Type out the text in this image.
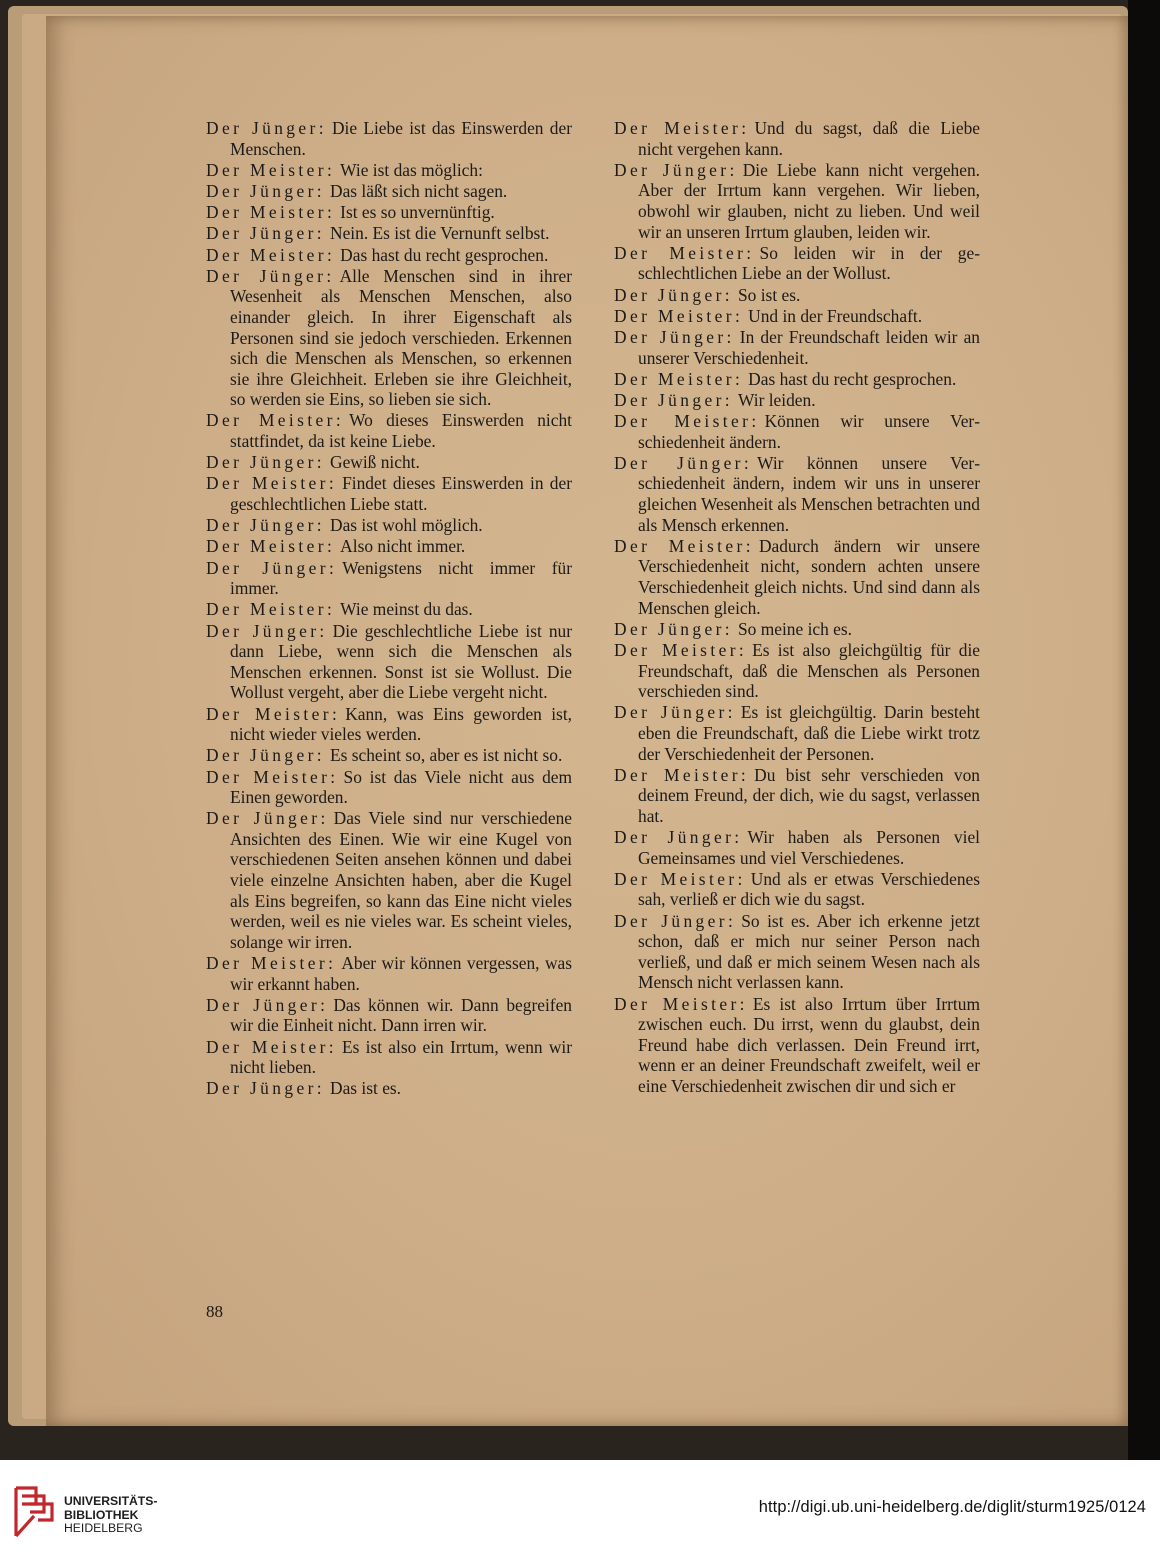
Der Jünger: Die Liebe ist das Einswerden der Menschen.
Der Meister: Wie ist das möglich:
Der Jünger: Das läßt sich nicht sagen.
Der Meister: Ist es so unvernünftig.
Der Jünger: Nein. Es ist die Vernunft selbst.
Der Meister: Das hast du recht gesprochen.
Der Jünger: Alle Menschen sind in ihrer Wesenheit als Menschen Menschen, also einander gleich. In ihrer Eigenschaft als Personen sind sie jedoch verschieden. Erkennen sich die Menschen als Menschen, so erkennen sie ihre Gleichheit. Erleben sie ihre Gleichheit, so werden sie Eins, so lieben sie sich.
Der Meister: Wo dieses Einswerden nicht stattfindet, da ist keine Liebe.
Der Jünger: Gewiß nicht.
Der Meister: Findet dieses Einswerden in der geschlechtlichen Liebe statt.
Der Jünger: Das ist wohl möglich.
Der Meister: Also nicht immer.
Der Jünger: Wenigstens nicht immer für immer.
Der Meister: Wie meinst du das.
Der Jünger: Die geschlechtliche Liebe ist nur dann Liebe, wenn sich die Menschen als Menschen erkennen. Sonst ist sie Wollust. Die Wollust vergeht, aber die Liebe vergeht nicht.
Der Meister: Kann, was Eins geworden ist, nicht wieder vieles werden.
Der Jünger: Es scheint so, aber es ist nicht so.
Der Meister: So ist das Viele nicht aus dem Einen geworden.
Der Jünger: Das Viele sind nur verschiedene Ansichten des Einen. Wie wir eine Kugel von verschiedenen Seiten ansehen können und dabei viele einzelne Ansichten haben, aber die Kugel als Eins begreifen, so kann das Eine nicht vieles werden, weil es nie vieles war. Es scheint vieles, solange wir irren.
Der Meister: Aber wir können vergessen, was wir erkannt haben.
Der Jünger: Das können wir. Dann begreifen wir die Einheit nicht. Dann irren wir.
Der Meister: Es ist also ein Irrtum, wenn wir nicht lieben.
Der Jünger: Das ist es.
Der Meister: Und du sagst, daß die Liebe nicht vergehen kann.
Der Jünger: Die Liebe kann nicht vergehen. Aber der Irrtum kann vergehen. Wir lieben, obwohl wir glauben, nicht zu lieben. Und weil wir an unseren Irrtum glauben, leiden wir.
Der Meister: So leiden wir in der geschlechtlichen Liebe an der Wollust.
Der Jünger: So ist es.
Der Meister: Und in der Freundschaft.
Der Jünger: In der Freundschaft leiden wir an unserer Verschiedenheit.
Der Meister: Das hast du recht gesprochen.
Der Jünger: Wir leiden.
Der Meister: Können wir unsere Verschiedenheit ändern.
Der Jünger: Wir können unsere Verschiedenheit ändern, indem wir uns in unserer gleichen Wesenheit als Menschen betrachten und als Mensch erkennen.
Der Meister: Dadurch ändern wir unsere Verschiedenheit nicht, sondern achten unsere Verschiedenheit gleich nichts. Und sind dann als Menschen gleich.
Der Jünger: So meine ich es.
Der Meister: Es ist also gleichgültig für die Freundschaft, daß die Menschen als Personen verschieden sind.
Der Jünger: Es ist gleichgültig. Darin besteht eben die Freundschaft, daß die Liebe wirkt trotz der Verschiedenheit der Personen.
Der Meister: Du bist sehr verschieden von deinem Freund, der dich, wie du sagst, verlassen hat.
Der Jünger: Wir haben als Personen viel Gemeinsames und viel Verschiedenes.
Der Meister: Und als er etwas Verschiedenes sah, verließ er dich wie du sagst.
Der Jünger: So ist es. Aber ich erkenne jetzt schon, daß er mich nur seiner Person nach verließ, und daß er mich seinem Wesen nach als Mensch nicht verlassen kann.
Der Meister: Es ist also Irrtum über Irrtum zwischen euch. Du irrst, wenn du glaubst, dein Freund habe dich verlassen. Dein Freund irrt, wenn er an deiner Freundschaft zweifelt, weil er eine Verschiedenheit zwischen dir und sich er
88
UNIVERSITÄTS-
BIBLIOTHEK
HEIDELBERG
http://digi.ub.uni-heidelberg.de/diglit/sturm1925/0124
